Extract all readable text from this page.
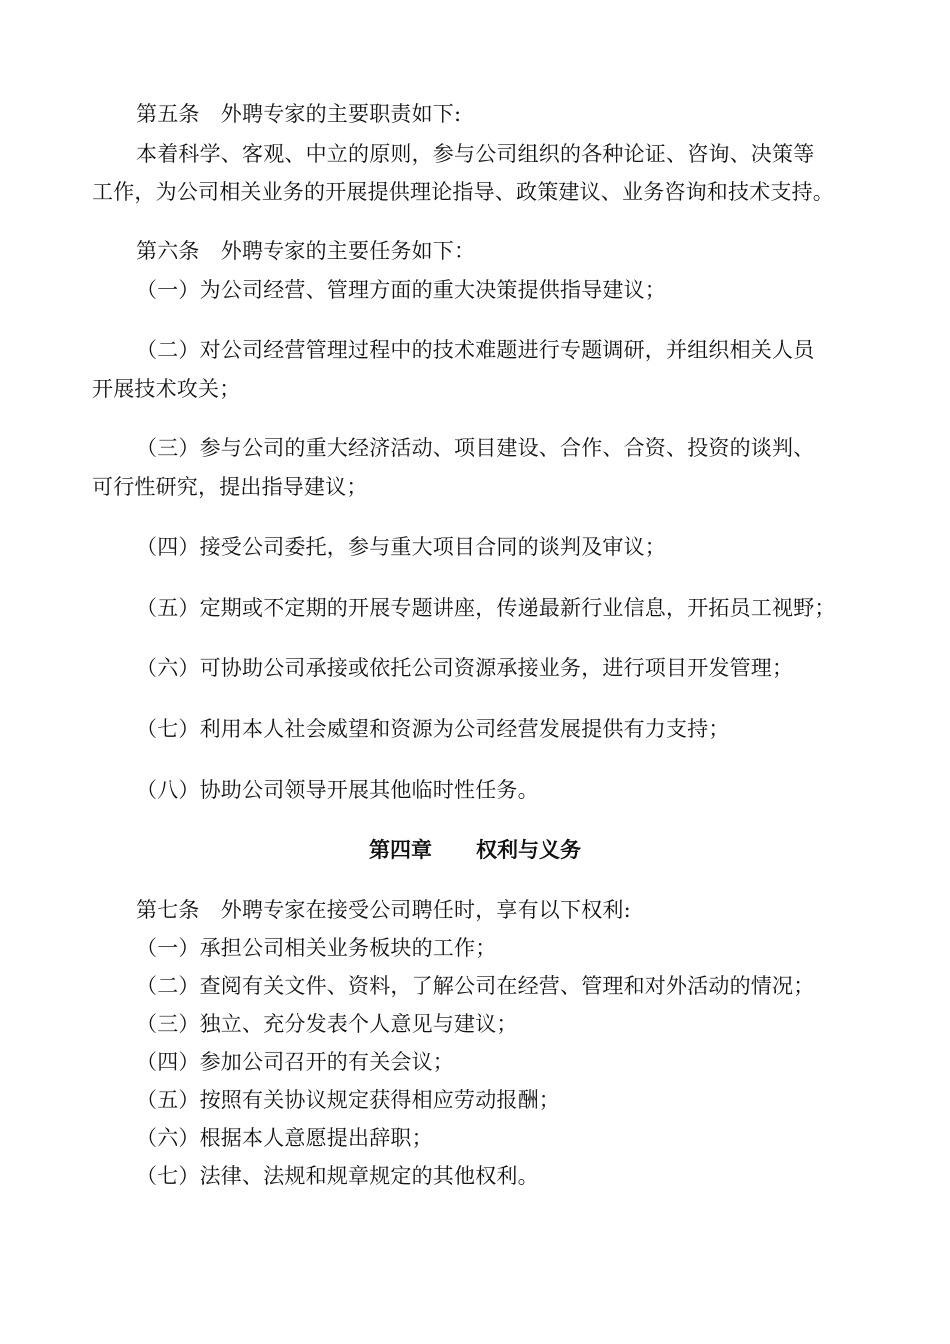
第五条　外聘专家的主要职责如下:
本着科学、客观、中立的原则，参与公司组织的各种论证、咨询、决策等
工作，为公司相关业务的开展提供理论指导、政策建议、业务咨询和技术支持。
第六条　外聘专家的主要任务如下：
（一）为公司经营、管理方面的重大决策提供指导建议；
（二）对公司经营管理过程中的技术难题进行专题调研，并组织相关人员
开展技术攻关；
（三）参与公司的重大经济活动、项目建设、合作、合资、投资的谈判、
可行性研究，提出指导建议；
（四）接受公司委托，参与重大项目合同的谈判及审议；
（五）定期或不定期的开展专题讲座，传递最新行业信息，开拓员工视野；
（六）可协助公司承接或依托公司资源承接业务，进行项目开发管理；
（七）利用本人社会威望和资源为公司经营发展提供有力支持；
（八）协助公司领导开展其他临时性任务。
第四章 权利与义务
第七条　外聘专家在接受公司聘任时，享有以下权利:
（一）承担公司相关业务板块的工作；
（二）查阅有关文件、资料，了解公司在经营、管理和对外活动的情况；
（三）独立、充分发表个人意见与建议；
（四）参加公司召开的有关会议；
（五）按照有关协议规定获得相应劳动报酬；
（六）根据本人意愿提出辞职；
（七）法律、法规和规章规定的其他权利。
